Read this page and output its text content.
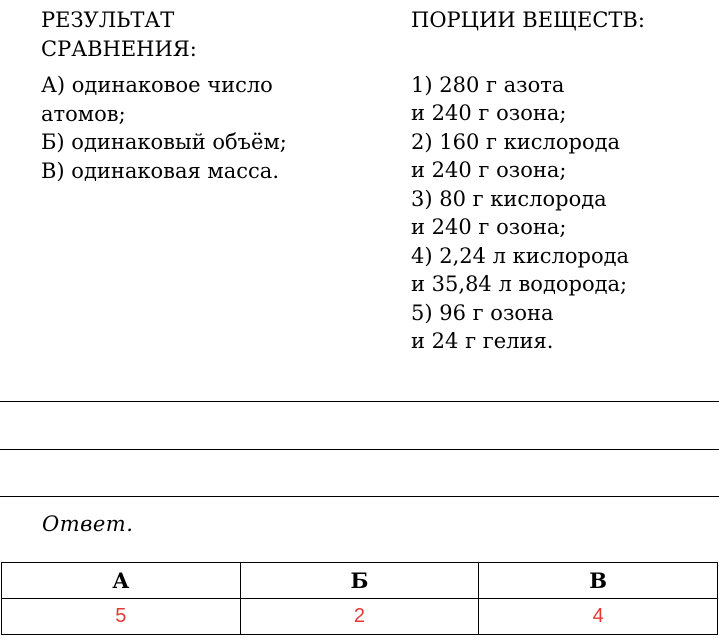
РЕЗУЛЬТАТ
СРАВНЕНИЯ:
А) одинаковое число
атомов;
Б) одинаковый объём;
В) одинаковая масса.
ПОРЦИИ ВЕЩЕСТВ:
1) 280 г азота
и 240 г озона;
2) 160 г кислорода
и 240 г озона;
3) 80 г кислорода
и 240 г озона;
4) 2,24 л кислорода
и 35,84 л водорода;
5) 96 г озона
и 24 г гелия.
Ответ.
А	Б	В
5	2	4
